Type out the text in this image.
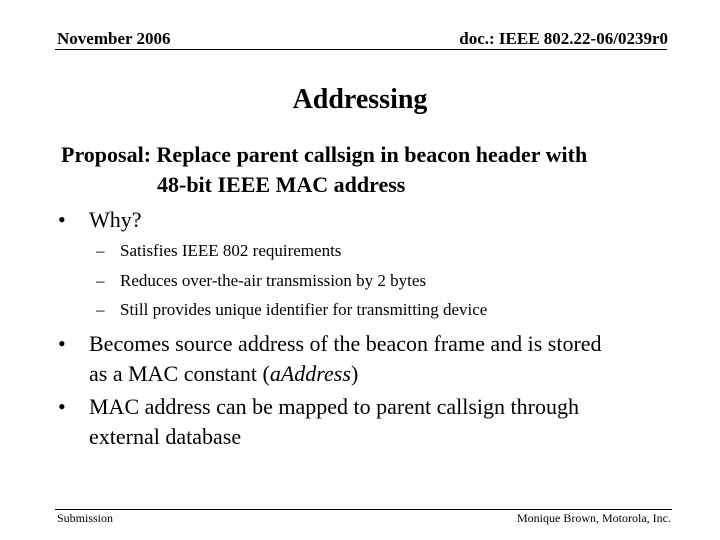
November 2006	doc.: IEEE 802.22-06/0239r0
Addressing
Proposal: Replace parent callsign in beacon header with
48-bit IEEE MAC address
• Why?
– Satisfies IEEE 802 requirements
– Reduces over-the-air transmission by 2 bytes
– Still provides unique identifier for transmitting device
• Becomes source address of the beacon frame and is stored
as a MAC constant (aAddress)
• MAC address can be mapped to parent callsign through
external database
Submission	Monique Brown, Motorola, Inc.
